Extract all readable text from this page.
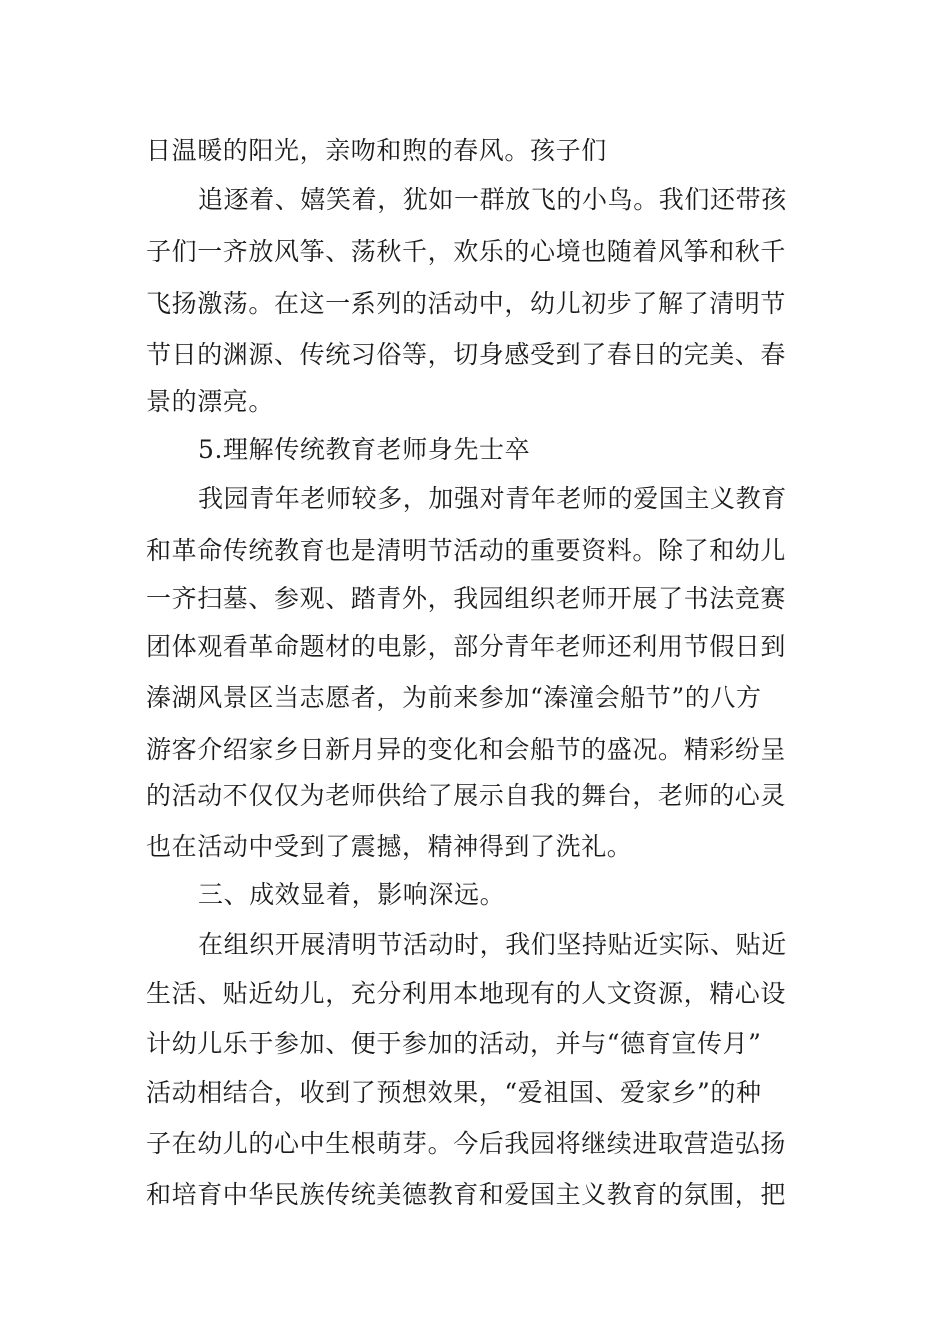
日温暖的阳光，亲吻和煦的春风。孩子们
追逐着、嬉笑着，犹如一群放飞的小鸟。我们还带孩
子们一齐放风筝、荡秋千，欢乐的心境也随着风筝和秋千
飞扬激荡。在这一系列的活动中，幼儿初步了解了清明节
节日的渊源、传统习俗等，切身感受到了春日的完美、春
景的漂亮。
5.理解传统教育老师身先士卒
我园青年老师较多，加强对青年老师的爱国主义教育
和革命传统教育也是清明节活动的重要资料。除了和幼儿
一齐扫墓、参观、踏青外，我园组织老师开展了书法竞赛
团体观看革命题材的电影，部分青年老师还利用节假日到
溱湖风景区当志愿者，为前来参加“溱潼会船节”的八方
游客介绍家乡日新月异的变化和会船节的盛况。精彩纷呈
的活动不仅仅为老师供给了展示自我的舞台，老师的心灵
也在活动中受到了震撼，精神得到了洗礼。
三、成效显着，影响深远。
在组织开展清明节活动时，我们坚持贴近实际、贴近
生活、贴近幼儿，充分利用本地现有的人文资源，精心设
计幼儿乐于参加、便于参加的活动，并与“德育宣传月”
活动相结合，收到了预想效果，“爱祖国、爱家乡”的种
子在幼儿的心中生根萌芽。今后我园将继续进取营造弘扬
和培育中华民族传统美德教育和爱国主义教育的氛围，把
